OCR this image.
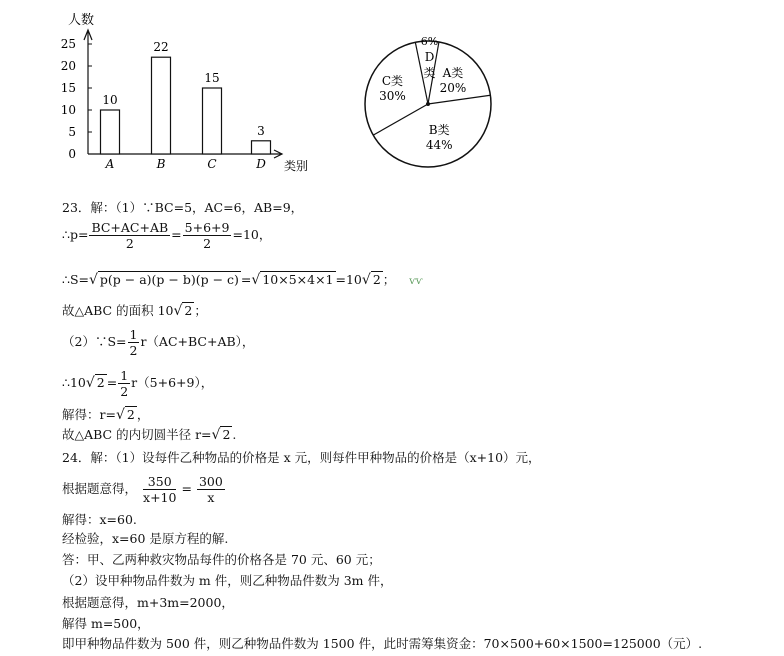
0
5
10
15
20
25
10
A
22
B
15
C
3
D
人数
类别
A类
20%
B类
44%
C类
30%
6%
D
类
23．解：（1）∵BC=5，AC=6，AB=9，
∴p= $\frac{BC+AC+AB}{2} = \frac{5+6+9}{2} =10$，
∴S=√ p(p − a)(p − b)(p − c) =√ 10×5×4×1 =10√ 2 ； ⱱⱱ
故△ABC 的面积 10√ 2 ；
（2）∵S= $\frac{1}{2} r(AC+BC+AB)$，
∴10√ $2 = \frac{1}{2} r(5+6+9)$，
解得：r=√ 2 ，
故△ABC 的内切圆半径 r=√ 2 .
24．解：（1）设每件乙种物品的价格是 x 元，则每件甲种物品的价格是（x+10）元，
根据题意得， $\frac{350}{x+10} = \frac{300}{x}$
解得：x=60.
经检验，x=60 是原方程的解.
答：甲、乙两种救灾物品每件的价格各是 70 元、60 元；
（2）设甲种物品件数为 m 件，则乙种物品件数为 3m 件，
根据题意得，m+3m=2000，
解得 m=500，
即甲种物品件数为 500 件，则乙种物品件数为 1500 件，此时需筹集资金：70×500+60×1500=125000（元）.
